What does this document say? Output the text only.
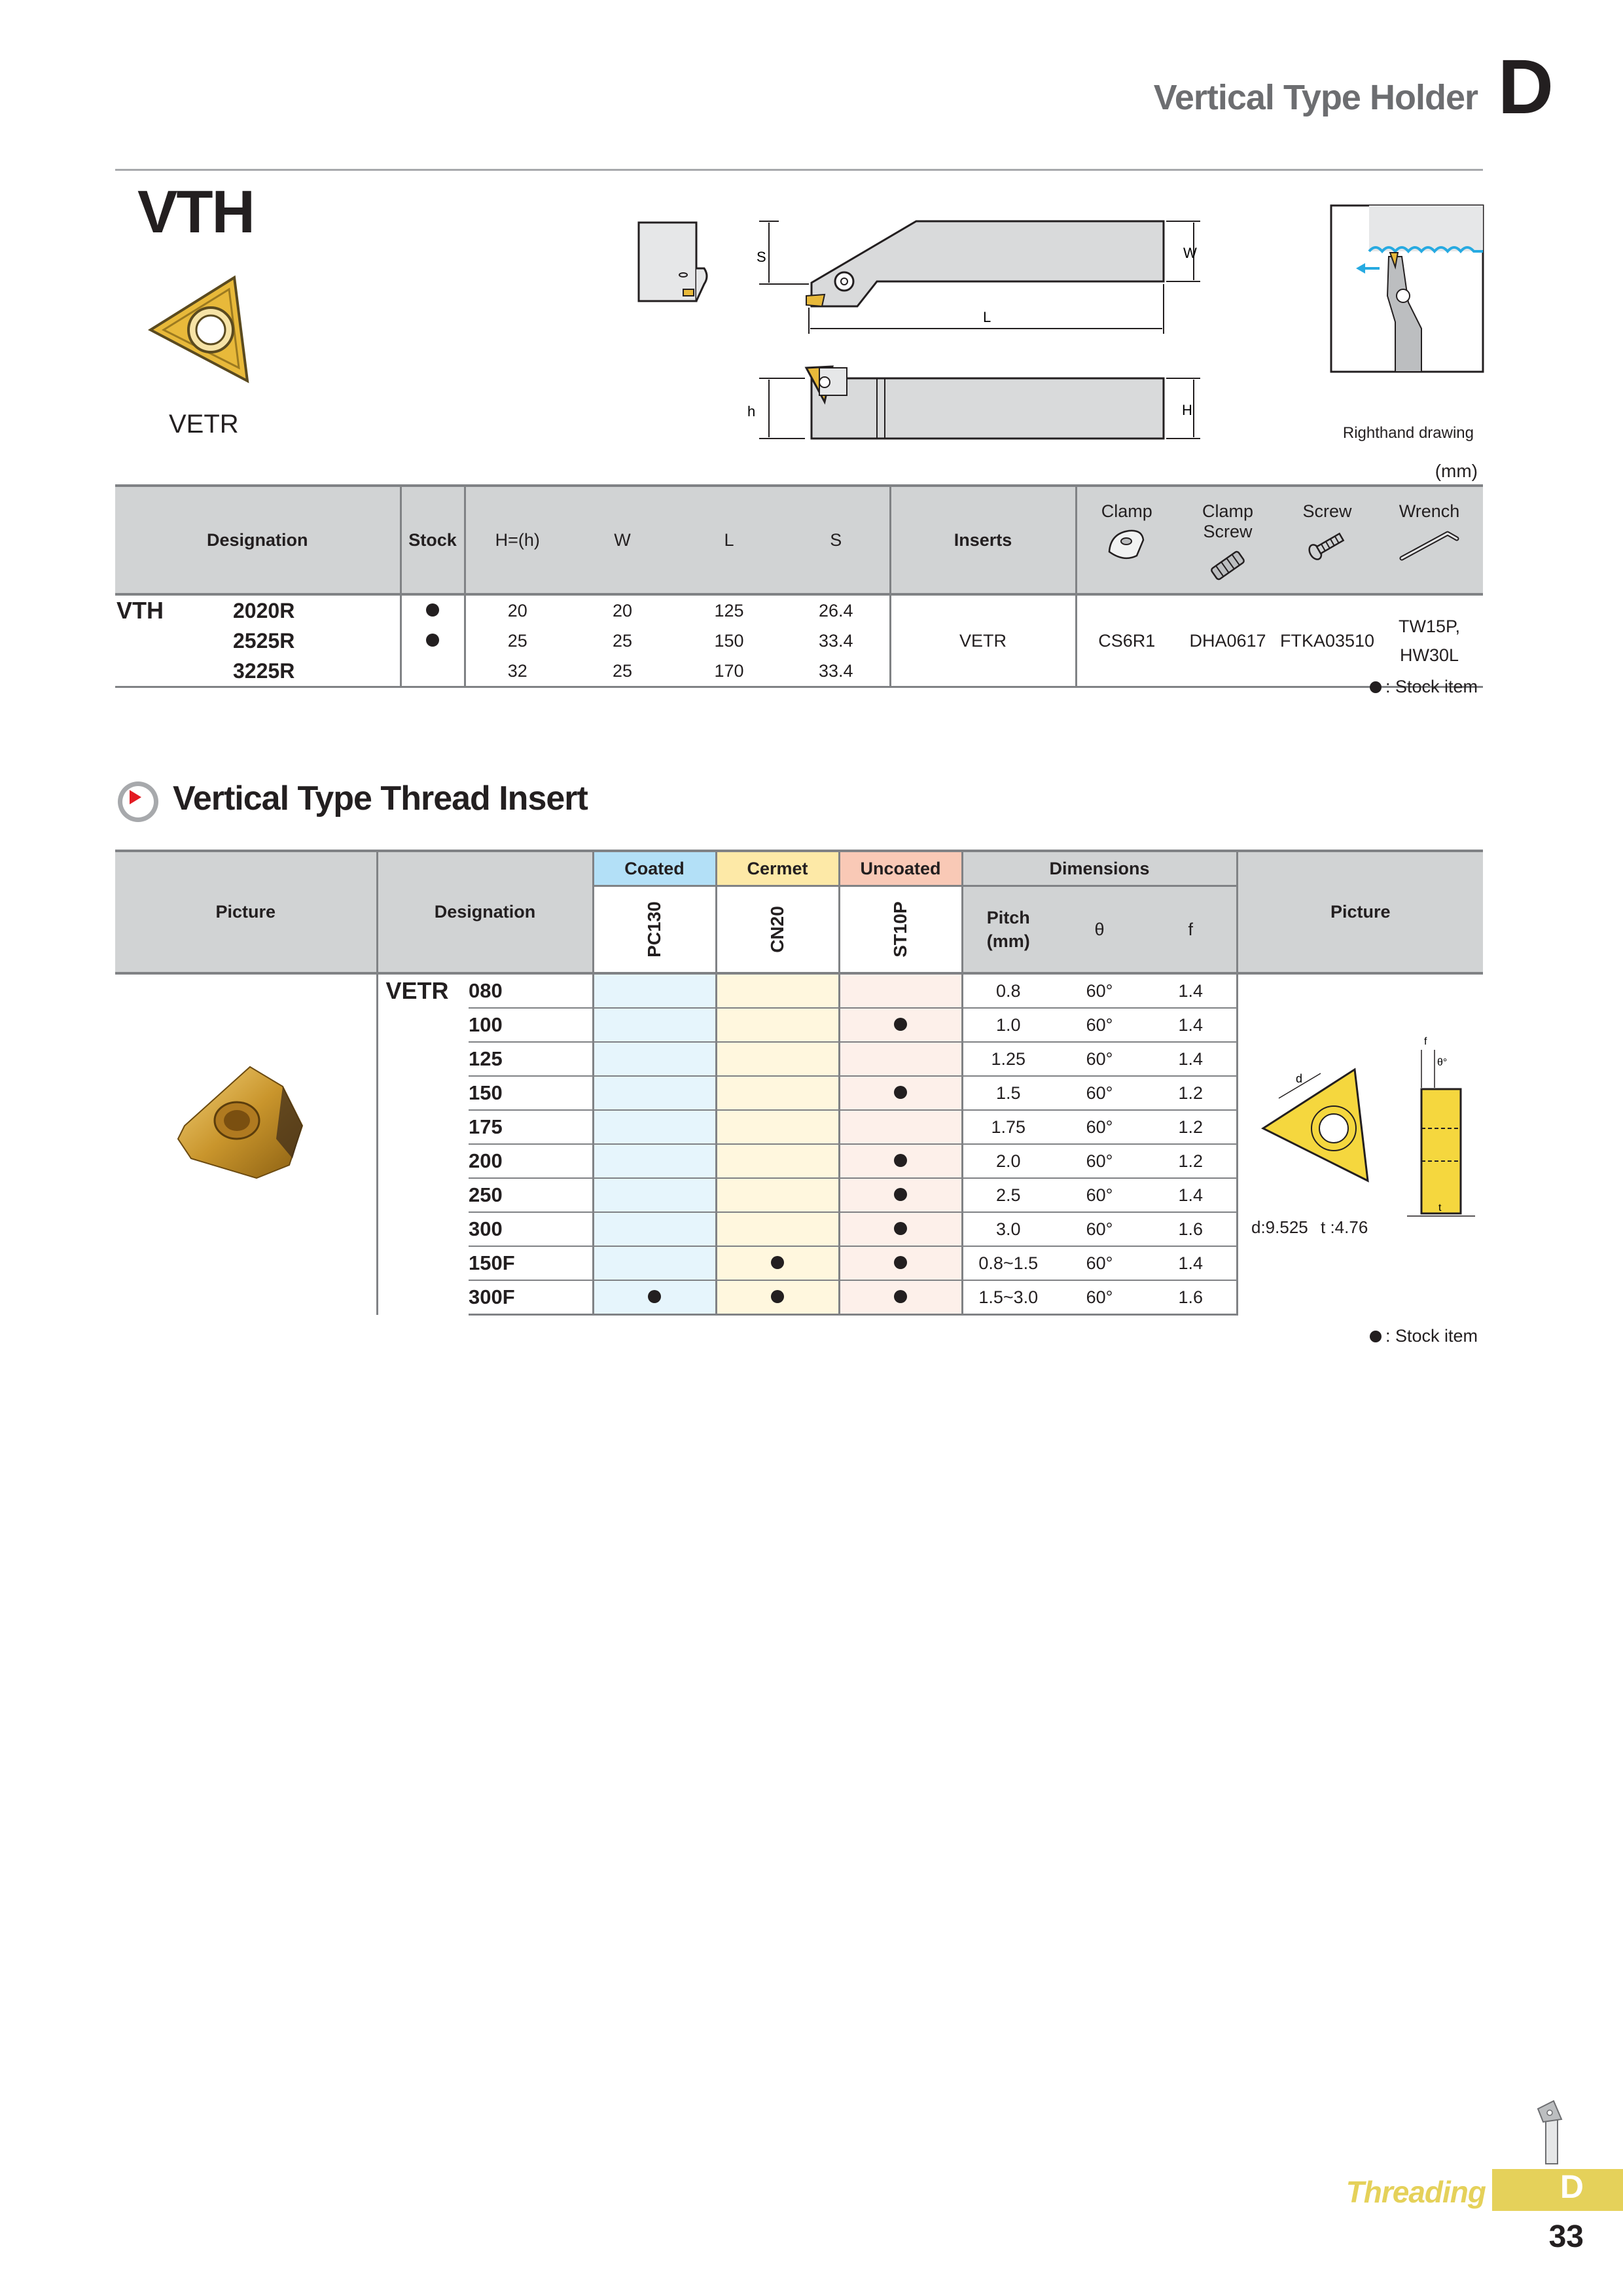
Vertical Type Holder D
VTH
VETR
S	W
L
h	H
Righthand drawing
(mm)
Designation		Stock	H=(h)	W	L	S	Inserts	Clamp	Clamp Screw	Screw	Wrench

VTH	2020R		20	20	125	26.4	VETR	CS6R1	DHA0617	FTKA03510	TW15P,
HW30L

	2525R		25	25	150	33.4					
	3225R		32	25	170	33.4					
: Stock item
Vertical Type Thread Insert
Picture	Designation		Coated	Cermet	Uncoated	Dimensions			Picture
			PC130	CN20	ST10P	Pitch
(mm)	θ	f	
	VETR	080				0.8	60°	1.4	
		100				1.0	60°	1.4	
		125				1.25	60°	1.4	
		150				1.5	60°	1.2	
		175				1.75	60°	1.2	
		200				2.0	60°	1.2	
		250				2.5	60°	1.4	
		300				3.0	60°	1.6	
		150F				0.8~1.5	60°	1.4	
		300F				1.5~3.0	60°	1.6	
d
f
θ°
t
d:9.525 t :4.76
: Stock item
Threading D
33
